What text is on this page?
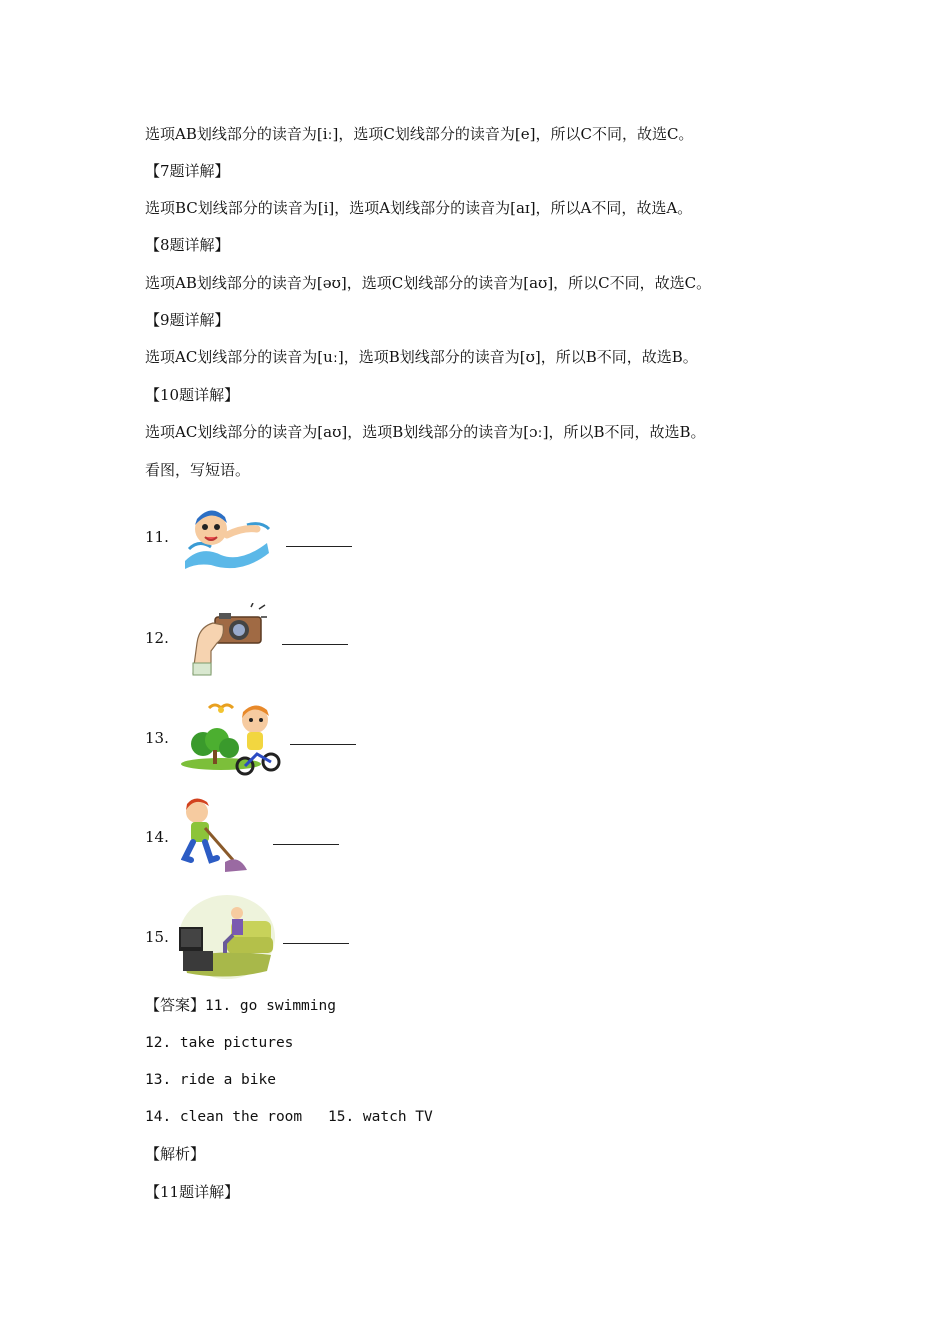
选项AB划线部分的读音为[iː]，选项C划线部分的读音为[e]，所以C不同，故选C。
【7题详解】
选项BC划线部分的读音为[i]，选项A划线部分的读音为[aɪ]，所以A不同，故选A。
【8题详解】
选项AB划线部分的读音为[əʊ]，选项C划线部分的读音为[aʊ]，所以C不同，故选C。
【9题详解】
选项AC划线部分的读音为[uː]，选项B划线部分的读音为[ʊ]，所以B不同，故选B。
【10题详解】
选项AC划线部分的读音为[aʊ]，选项B划线部分的读音为[ɔː]，所以B不同，故选B。
看图，写短语。
11.
12.
13.
14.
15.
【答案】11. go swimming
12. take pictures
13. ride a bike
14. clean the room 15. watch TV
【解析】
【11题详解】
